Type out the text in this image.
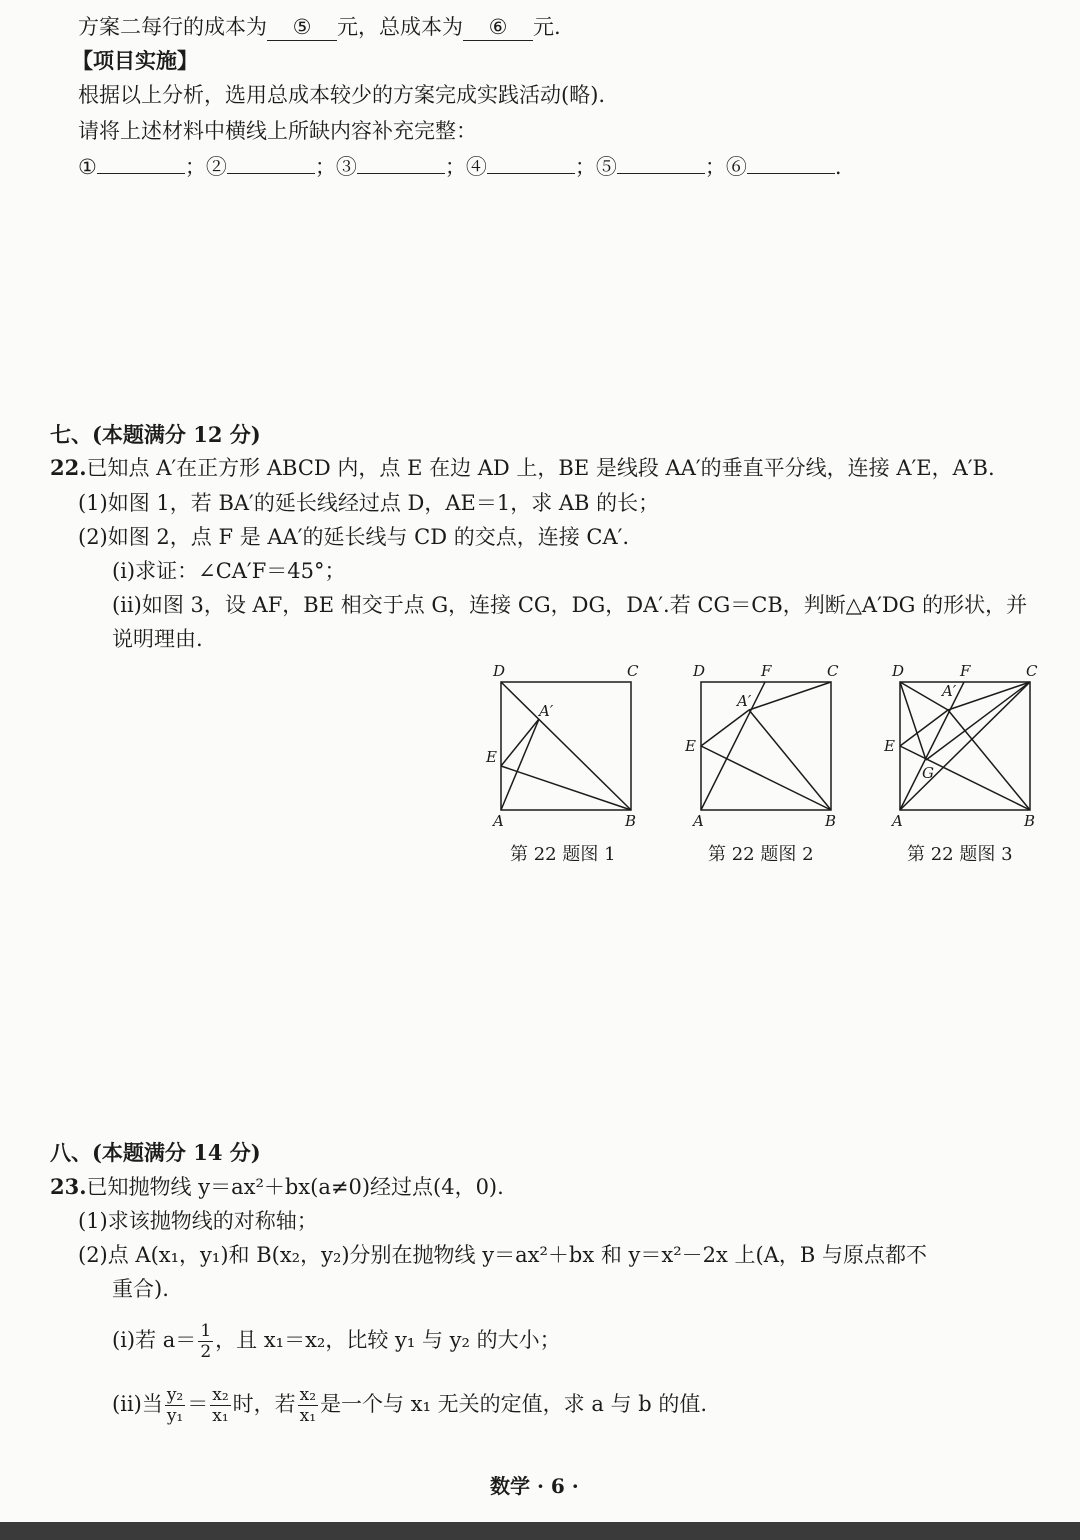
方案二每行的成本为 ⑤ 元，总成本为 ⑥ 元.
【项目实施】
根据以上分析，选用总成本较少的方案完成实践活动(略).
请将上述材料中横线上所缺内容补充完整：
①	；②	；③	；④	；⑤	；⑥	.
七、(本题满分 12 分)
22.已知点 A′在正方形 ABCD 内，点 E 在边 AD 上，BE 是线段 AA′的垂直平分线，连接 A′E，A′B.
(1)如图 1，若 BA′的延长线经过点 D，AE＝1，求 AB 的长；
(2)如图 2，点 F 是 AA′的延长线与 CD 的交点，连接 CA′.
(ⅰ)求证：∠CA′F＝45°；
(ⅱ)如图 3，设 AF，BE 相交于点 G，连接 CG，DG，DA′.若 CG＝CB，判断△A′DG 的形状，并
说明理由.
D	C
A	B
E
A′
第 22 题图 1
D	F	C
A	B
E
A′
第 22 题图 2
D	F	C
A	B
E
A′
G
第 22 题图 3
八、(本题满分 14 分)
23.已知抛物线 y＝ax²＋bx(a≠0)经过点(4，0).
(1)求该抛物线的对称轴；
(2)点 A(x₁，y₁)和 B(x₂，y₂)分别在抛物线 y＝ax²＋bx 和 y＝x²－2x 上(A，B 与原点都不
重合).
(ⅰ)若 $a= \frac{1}{2}$ ，且 x₁＝x₂，比较 y₁ 与 y₂ 的大小；
(ⅱ)当 $\frac{\text{y₂}}{\text{y₁}} = \frac{\text{x₂}}{\text{x₁}}$ 时，若 $\frac{\text{x₂}}{\text{x₁}}$ 是一个与 x₁ 无关的定值，求 a 与 b 的值.
数学 · 6 ·
